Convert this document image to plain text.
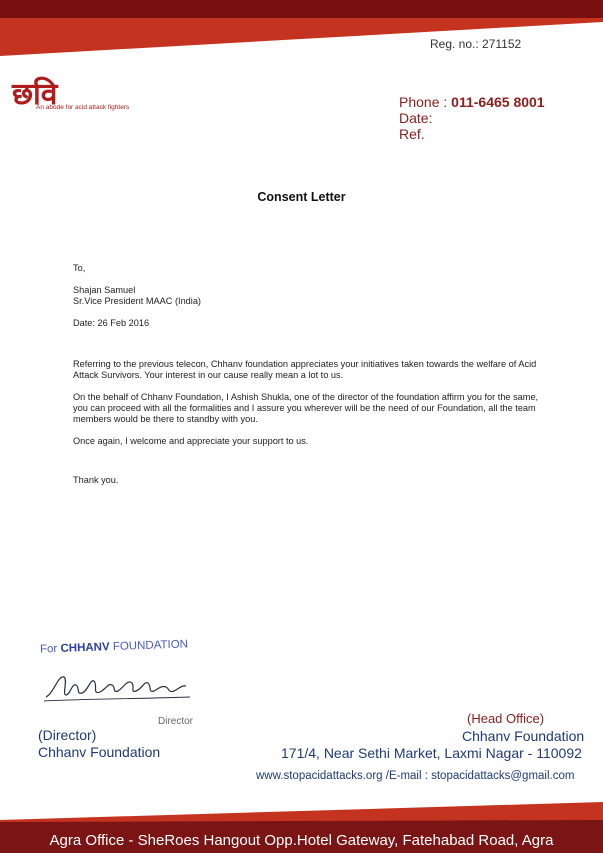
Reg. no.: 271152
छवि
An abode for acid attack fighters	Phone : 011-6465 8001
Date:
Ref.
Consent Letter
To,
Shajan Samuel
Sr.Vice President MAAC (India)
Date: 26 Feb 2016
Referring to the previous telecon, Chhanv foundation appreciates your initiatives taken towards the welfare of Acid Attack Survivors. Your interest in our cause really mean a lot to us.
On the behalf of Chhanv Foundation, I Ashish Shukla, one of the director of the foundation affirm you for the same, you can proceed with all the formalities and I assure you wherever will be the need of our Foundation, all the team members would be there to standby with you.
Once again, I welcome and appreciate your support to us.
Thank you.
For CHHANV FOUNDATION
Director
(Director)
Chhanv Foundation
(Head Office)
Chhanv Foundation
171/4, Near Sethi Market, Laxmi Nagar - 110092
www.stopacidattacks.org /E-mail : stopacidattacks@gmail.com
Agra Office - SheRoes Hangout Opp.Hotel Gateway, Fatehabad Road, Agra
